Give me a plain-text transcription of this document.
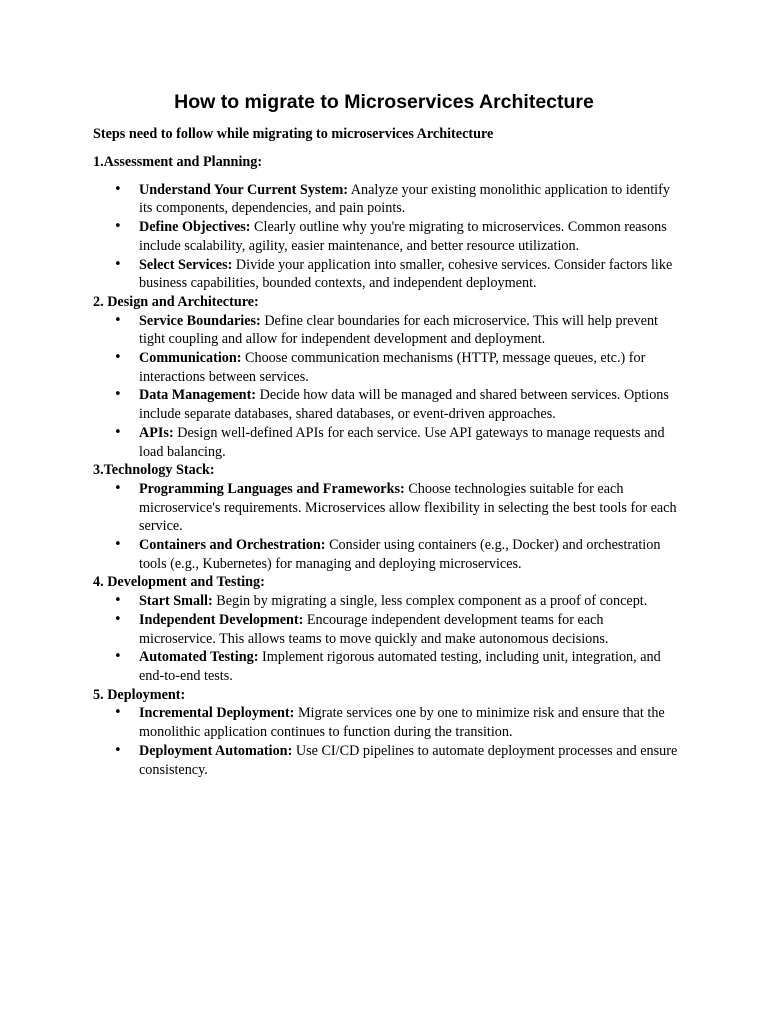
How to migrate to Microservices Architecture

Steps need to follow while migrating to microservices Architecture

1.Assessment and Planning:

• Understand Your Current System: Analyze your existing monolithic application to identify its components, dependencies, and pain points.
• Define Objectives: Clearly outline why you're migrating to microservices. Common reasons include scalability, agility, easier maintenance, and better resource utilization.
• Select Services: Divide your application into smaller, cohesive services. Consider factors like business capabilities, bounded contexts, and independent deployment.

2. Design and Architecture:

• Service Boundaries: Define clear boundaries for each microservice. This will help prevent tight coupling and allow for independent development and deployment.
• Communication: Choose communication mechanisms (HTTP, message queues, etc.) for interactions between services.
• Data Management: Decide how data will be managed and shared between services. Options include separate databases, shared databases, or event-driven approaches.
• APIs: Design well-defined APIs for each service. Use API gateways to manage requests and load balancing.

3.Technology Stack:

• Programming Languages and Frameworks: Choose technologies suitable for each microservice's requirements. Microservices allow flexibility in selecting the best tools for each service.
• Containers and Orchestration: Consider using containers (e.g., Docker) and orchestration tools (e.g., Kubernetes) for managing and deploying microservices.

4. Development and Testing:

• Start Small: Begin by migrating a single, less complex component as a proof of concept.
• Independent Development: Encourage independent development teams for each microservice. This allows teams to move quickly and make autonomous decisions.
• Automated Testing: Implement rigorous automated testing, including unit, integration, and end-to-end tests.

5. Deployment:

• Incremental Deployment: Migrate services one by one to minimize risk and ensure that the monolithic application continues to function during the transition.
• Deployment Automation: Use CI/CD pipelines to automate deployment processes and ensure consistency.
